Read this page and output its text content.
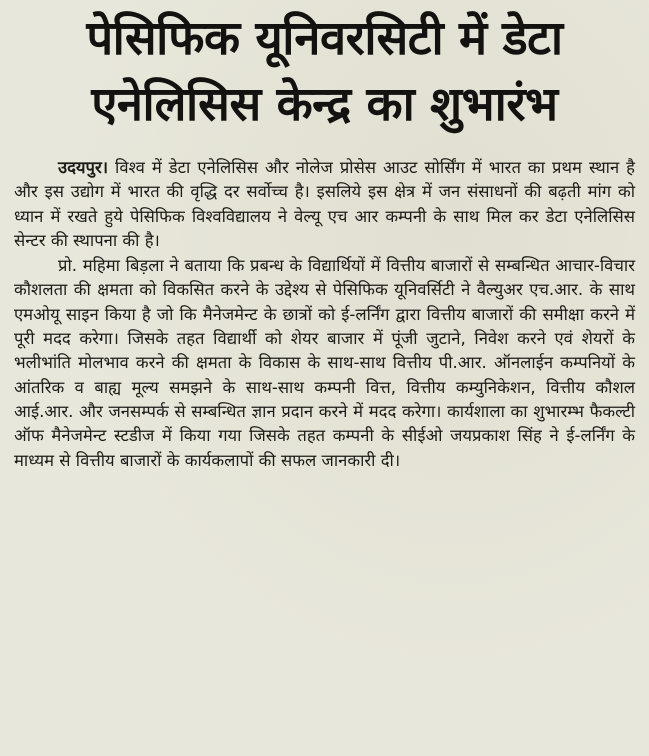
पेसिफिक यूनिवरसिटी में डेटा
एनेलिसिस केन्द्र का शुभारंभ

उदयपुर। विश्व में डेटा एनेलिसिस और नोलेज प्रोसेस आउट सोर्सिंग में भारत का प्रथम स्थान है और इस उद्योग में भारत की वृद्धि दर सर्वोच्च है। इसलिये इस क्षेत्र में जन संसाधनों की बढ़ती मांग को ध्यान में रखते हुये पेसिफिक विश्वविद्यालय ने वेल्यू एच आर कम्पनी के साथ मिल कर डेटा एनेलिसिस सेन्टर की स्थापना की है।

प्रो. महिमा बिड़ला ने बताया कि प्रबन्ध के विद्यार्थियों में वित्तीय बाजारों से सम्बन्धित आचार-विचार कौशलता की क्षमता को विकसित करने के उद्देश्य से पेसिफिक यूनिवर्सिटी ने वैल्युअर एच.आर. के साथ एमओयू साइन किया है जो कि मैनेजमेन्ट के छात्रों को ई-लर्निंग द्वारा वित्तीय बाजारों की समीक्षा करने में पूरी मदद करेगा। जिसके तहत विद्यार्थी को शेयर बाजार में पूंजी जुटाने, निवेश करने एवं शेयरों के भलीभांति मोलभाव करने की क्षमता के विकास के साथ-साथ वित्तीय पी.आर. ऑनलाईन कम्पनियों के आंतरिक व बाह्य मूल्य समझने के साथ-साथ कम्पनी वित्त, वित्तीय कम्युनिकेशन, वित्तीय कौशल आई.आर. और जनसम्पर्क से सम्बन्धित ज्ञान प्रदान करने में मदद करेगा। कार्यशाला का शुभारम्भ फैकल्टी ऑफ मैनेजमेन्ट स्टडीज में किया गया जिसके तहत कम्पनी के सीईओ जयप्रकाश सिंह ने ई-लर्निंग के माध्यम से वित्तीय बाजारों के कार्यकलापों की सफल जानकारी दी।
